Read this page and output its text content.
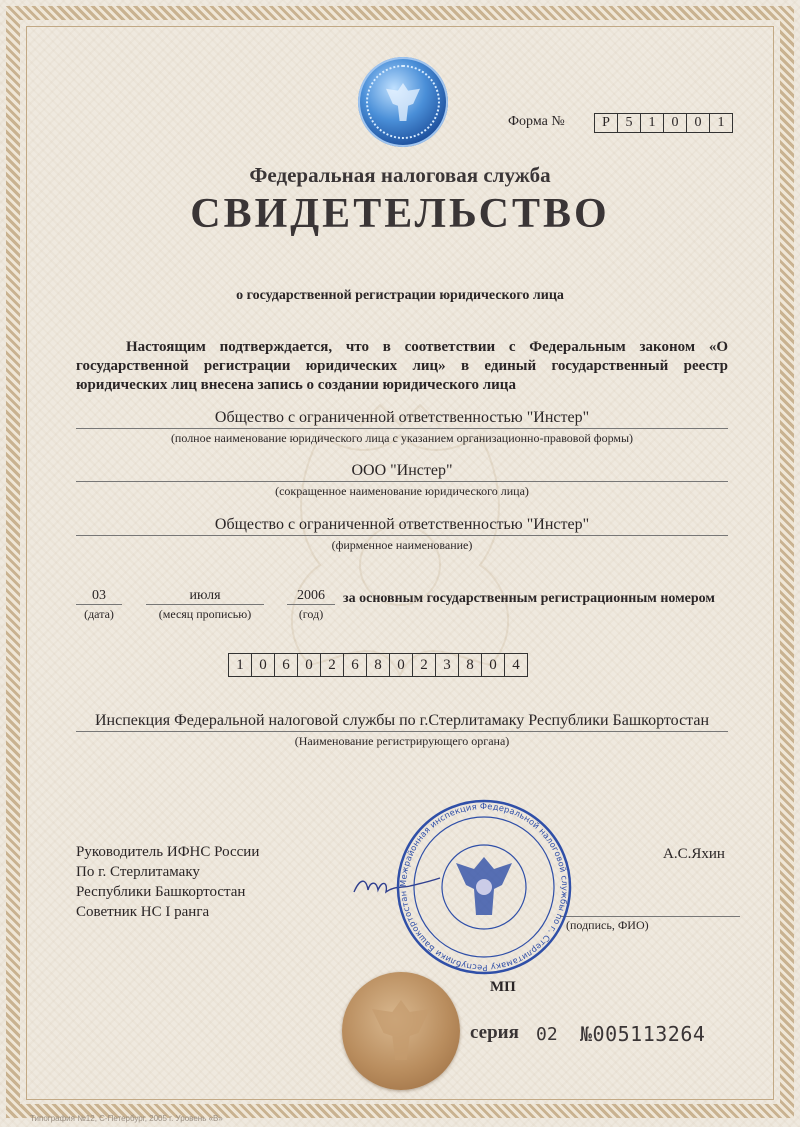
Форма №	Р	5	1	0	0	1
Федеральная налоговая служба
СВИДЕТЕЛЬСТВО
о государственной регистрации юридического лица
Настоящим подтверждается, что в соответствии с Федеральным законом «О государственной регистрации юридических лиц» в единый государственный реестр юридических лиц внесена запись о создании юридического лица
Общество с ограниченной ответственностью "Инстер"
(полное наименование юридического лица с указанием организационно-правовой формы)
ООО "Инстер"
(сокращенное наименование юридического лица)
Общество с ограниченной ответственностью "Инстер"
(фирменное наименование)
03
(дата)
июля
(месяц прописью)
2006
(год)
за основным государственным регистрационным номером
1	0	6	0	2	6	8	0	2	3	8	0	4
Инспекция Федеральной налоговой службы по г.Стерлитамаку Республики Башкортостан
(Наименование регистрирующего органа)
Руководитель ИФНС России
По г. Стерлитамаку
Республики Башкортостан
Советник НС I ранга
А.С.Яхин
(подпись, ФИО)
Межрайонная инспекция Федеральной налоговой службы по г. Стерлитамаку Республики Башкортостан
МП
серия 02 №005113264
Типография №12, С-Петербург, 2005 г. Уровень «В»
